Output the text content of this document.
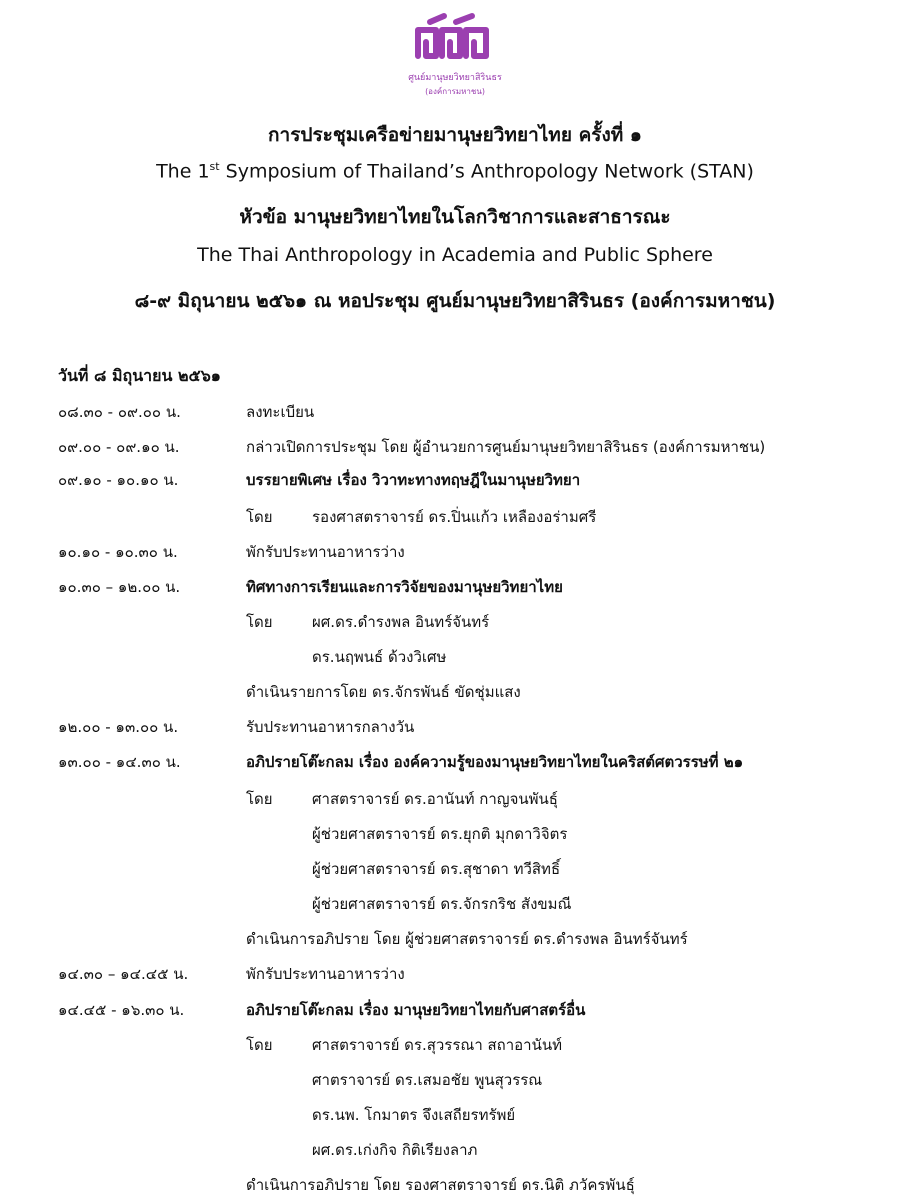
ศูนย์มานุษยวิทยาสิรินธร
(องค์การมหาชน)
การประชุมเครือข่ายมานุษยวิทยาไทย ครั้งที่ ๑
The 1st Symposium of Thailand’s Anthropology Network (STAN)
หัวข้อ มานุษยวิทยาไทยในโลกวิชาการและสาธารณะ
The Thai Anthropology in Academia and Public Sphere
๘-๙ มิถุนายน ๒๕๖๑ ณ หอประชุม ศูนย์มานุษยวิทยาสิรินธร (องค์การมหาชน)
วันที่ ๘ มิถุนายน ๒๕๖๑
๐๘.๓๐ - ๐๙.๐๐ น.	ลงทะเบียน
๐๙.๐๐ - ๐๙.๑๐ น.	กล่าวเปิดการประชุม โดย ผู้อำนวยการศูนย์มานุษยวิทยาสิรินธร (องค์การมหาชน)
๐๙.๑๐ - ๑๐.๑๐ น.	บรรยายพิเศษ เรื่อง วิวาทะทางทฤษฎีในมานุษยวิทยา
โดย	รองศาสตราจารย์ ดร.ปิ่นแก้ว เหลืองอร่ามศรี
๑๐.๑๐ - ๑๐.๓๐ น.	พักรับประทานอาหารว่าง
๑๐.๓๐ – ๑๒.๐๐ น.	ทิศทางการเรียนและการวิจัยของมานุษยวิทยาไทย
โดย	ผศ.ดร.ดำรงพล อินทร์จันทร์
ดร.นฤพนธ์ ด้วงวิเศษ
ดำเนินรายการโดย ดร.จักรพันธ์ ขัดชุ่มแสง
๑๒.๐๐ - ๑๓.๐๐ น.	รับประทานอาหารกลางวัน
๑๓.๐๐ - ๑๔.๓๐ น.	อภิปรายโต๊ะกลม เรื่อง องค์ความรู้ของมานุษยวิทยาไทยในคริสต์ศตวรรษที่ ๒๑
โดย	ศาสตราจารย์ ดร.อานันท์ กาญจนพันธุ์
ผู้ช่วยศาสตราจารย์ ดร.ยุกติ มุกดาวิจิตร
ผู้ช่วยศาสตราจารย์ ดร.สุชาดา ทวีสิทธิ์
ผู้ช่วยศาสตราจารย์ ดร.จักรกริช สังขมณี
ดำเนินการอภิปราย โดย ผู้ช่วยศาสตราจารย์ ดร.ดำรงพล อินทร์จันทร์
๑๔.๓๐ – ๑๔.๔๕ น.	พักรับประทานอาหารว่าง
๑๔.๔๕ - ๑๖.๓๐ น.	อภิปรายโต๊ะกลม เรื่อง มานุษยวิทยาไทยกับศาสตร์อื่น
โดย	ศาสตราจารย์ ดร.สุวรรณา สถาอานันท์
ศาตราจารย์ ดร.เสมอชัย พูนสุวรรณ
ดร.นพ. โกมาตร จึงเสถียรทรัพย์
ผศ.ดร.เก่งกิจ กิติเรียงลาภ
ดำเนินการอภิปราย โดย รองศาสตราจารย์ ดร.นิติ ภวัครพันธุ์
